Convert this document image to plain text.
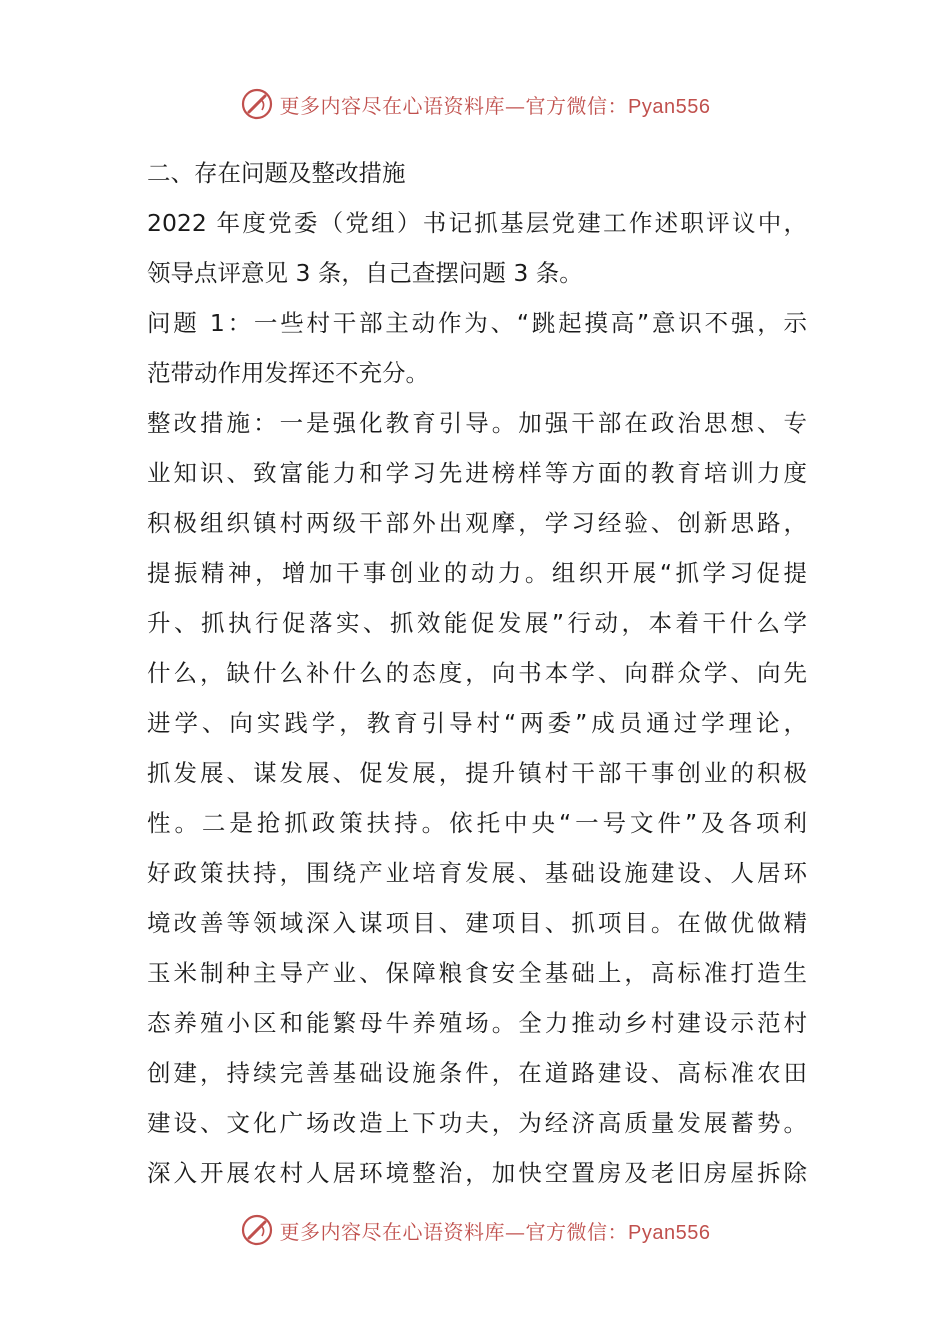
更多内容尽在心语资料库—官方微信：Pyan556
二、存在问题及整改措施
2022 年度党委（党组）书记抓基层党建工作述职评议中，
领导点评意见 3 条，自己查摆问题 3 条。
问题 1：一些村干部主动作为、“跳起摸高”意识不强，示
范带动作用发挥还不充分。
整改措施：一是强化教育引导。加强干部在政治思想、专
业知识、致富能力和学习先进榜样等方面的教育培训力度
积极组织镇村两级干部外出观摩，学习经验、创新思路，
提振精神，增加干事创业的动力。组织开展“抓学习促提
升、抓执行促落实、抓效能促发展”行动，本着干什么学
什么，缺什么补什么的态度，向书本学、向群众学、向先
进学、向实践学，教育引导村“两委”成员通过学理论，
抓发展、谋发展、促发展，提升镇村干部干事创业的积极
性。二是抢抓政策扶持。依托中央“一号文件”及各项利
好政策扶持，围绕产业培育发展、基础设施建设、人居环
境改善等领域深入谋项目、建项目、抓项目。在做优做精
玉米制种主导产业、保障粮食安全基础上，高标准打造生
态养殖小区和能繁母牛养殖场。全力推动乡村建设示范村
创建，持续完善基础设施条件，在道路建设、高标准农田
建设、文化广场改造上下功夫，为经济高质量发展蓄势。
深入开展农村人居环境整治，加快空置房及老旧房屋拆除
更多内容尽在心语资料库—官方微信：Pyan556
